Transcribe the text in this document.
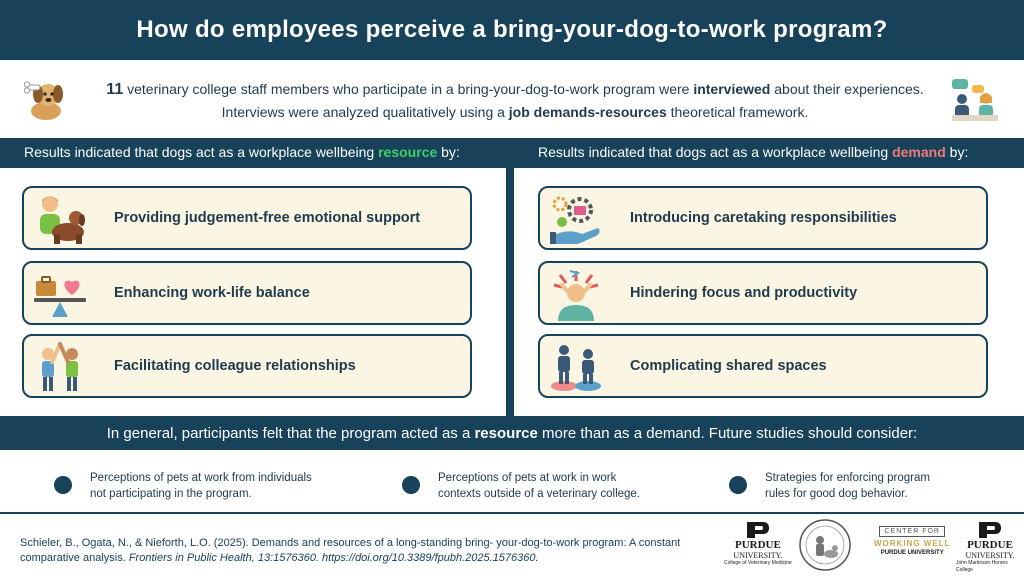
How do employees perceive a bring-your-dog-to-work program?
11 veterinary college staff members who participate in a bring-your-dog-to-work program were interviewed about their experiences.
Interviews were analyzed qualitatively using a job demands-resources theoretical framework.
Results indicated that dogs act as a workplace wellbeing resource by:	Results indicated that dogs act as a workplace wellbeing demand by:
Providing judgement-free emotional support
Enhancing work-life balance
Facilitating colleague relationships
Introducing caretaking responsibilities
Hindering focus and productivity
Complicating shared spaces

In general, participants felt that the program acted as a resource more than as a demand. Future studies should consider:

Perceptions of pets at work from individuals
not participating in the program.
Perceptions of pets at work in work
contexts outside of a veterinary college.
Strategies for enforcing program
rules for good dog behavior.
Schieler, B., Ogata, N., & Nieforth, L.O. (2025). Demands and resources of a long-standing bring- your-dog-to-work program: A constant
comparative analysis. Frontiers in Public Health, 13:1576360. https://doi.org/10.3389/fpubh.2025.1576360.
PURDUE
UNIVERSITY.
College of Veterinary Medicine
CENTER FOR
WORKING WELL
PURDUE UNIVERSITY
PURDUE
UNIVERSITY.
John Martinson Honors College
